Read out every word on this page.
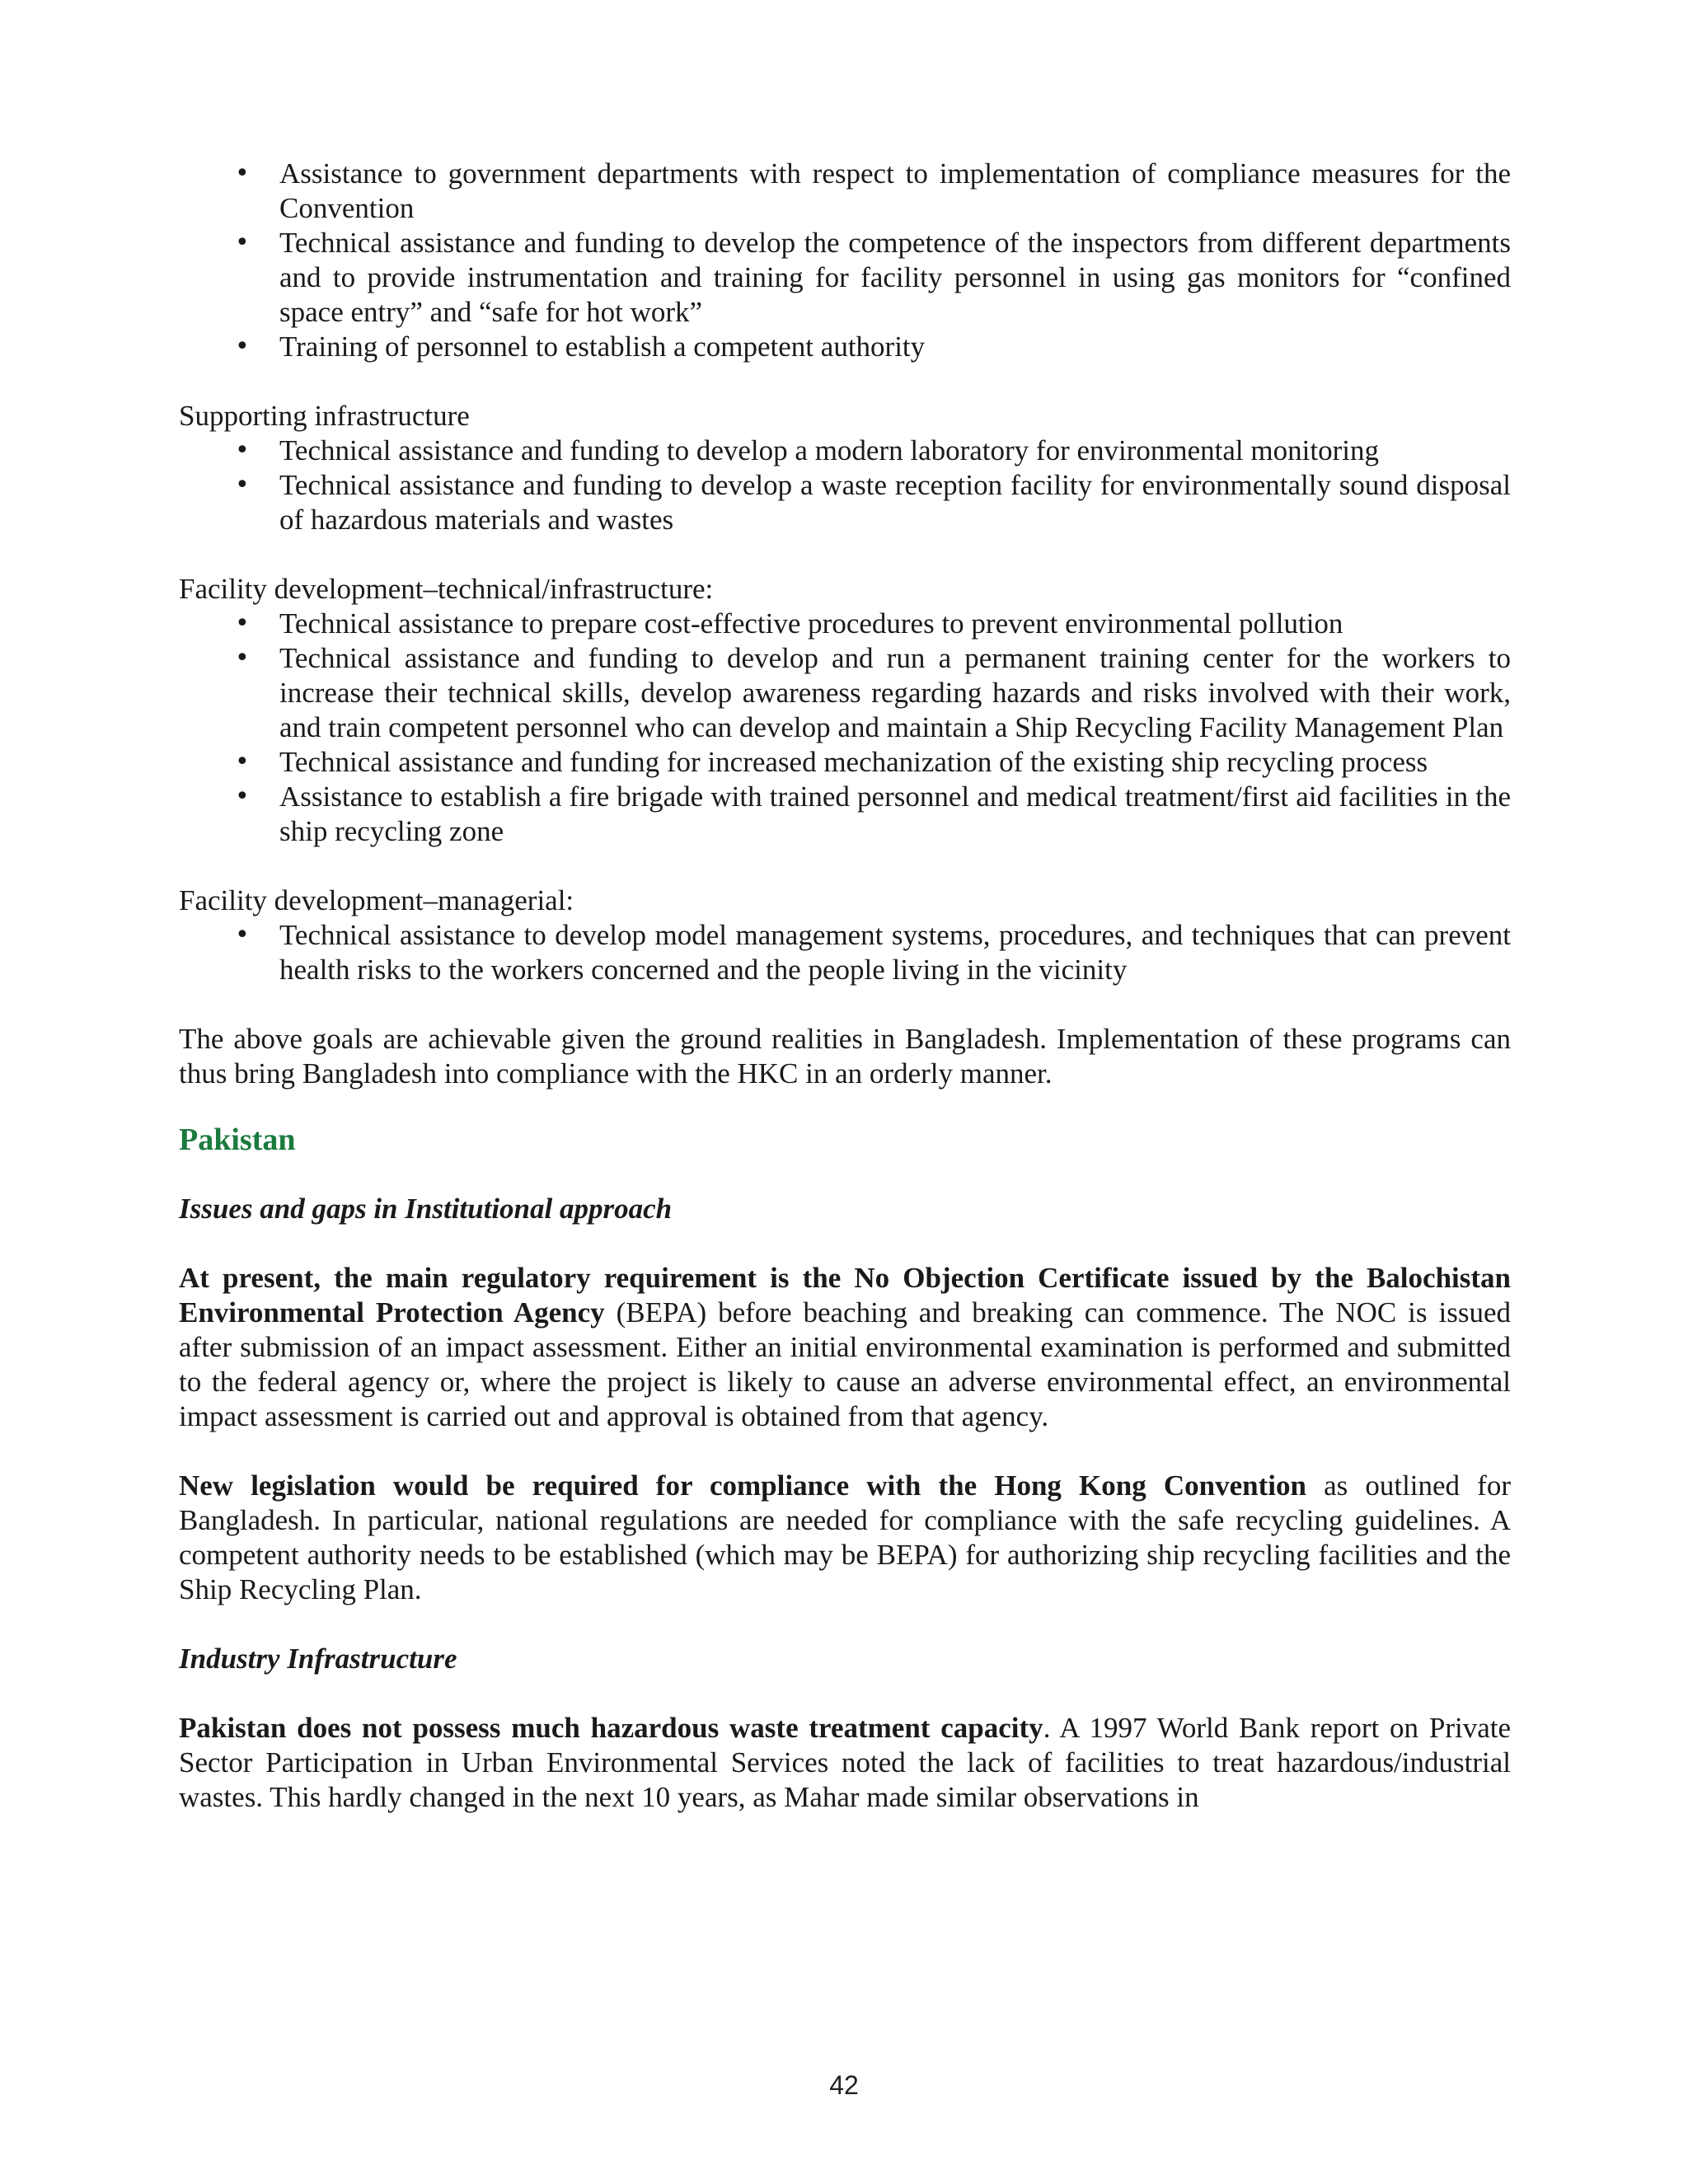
• Assistance to government departments with respect to implementation of compliance measures for the Convention
• Technical assistance and funding to develop the competence of the inspectors from different departments and to provide instrumentation and training for facility personnel in using gas monitors for “confined space entry” and “safe for hot work”
• Training of personnel to establish a competent authority

Supporting infrastructure

• Technical assistance and funding to develop a modern laboratory for environmental monitoring
• Technical assistance and funding to develop a waste reception facility for environmentally sound disposal of hazardous materials and wastes

Facility development–technical/infrastructure:

• Technical assistance to prepare cost-effective procedures to prevent environmental pollution
• Technical assistance and funding to develop and run a permanent training center for the workers to increase their technical skills, develop awareness regarding hazards and risks involved with their work, and train competent personnel who can develop and maintain a Ship Recycling Facility Management Plan
• Technical assistance and funding for increased mechanization of the existing ship recycling process
• Assistance to establish a fire brigade with trained personnel and medical treatment/first aid facilities in the ship recycling zone

Facility development–managerial:

• Technical assistance to develop model management systems, procedures, and techniques that can prevent health risks to the workers concerned and the people living in the vicinity

The above goals are achievable given the ground realities in Bangladesh. Implementation of these programs can thus bring Bangladesh into compliance with the HKC in an orderly manner.

Pakistan

Issues and gaps in Institutional approach

At present, the main regulatory requirement is the No Objection Certificate issued by the Balochistan Environmental Protection Agency (BEPA) before beaching and breaking can commence. The NOC is issued after submission of an impact assessment. Either an initial environmental examination is performed and submitted to the federal agency or, where the project is likely to cause an adverse environmental effect, an environmental impact assessment is carried out and approval is obtained from that agency.

New legislation would be required for compliance with the Hong Kong Convention as outlined for Bangladesh. In particular, national regulations are needed for compliance with the safe recycling guidelines. A competent authority needs to be established (which may be BEPA) for authorizing ship recycling facilities and the Ship Recycling Plan.

Industry Infrastructure

Pakistan does not possess much hazardous waste treatment capacity. A 1997 World Bank report on Private Sector Participation in Urban Environmental Services noted the lack of facilities to treat hazardous/industrial wastes. This hardly changed in the next 10 years, as Mahar made similar observations in

42
